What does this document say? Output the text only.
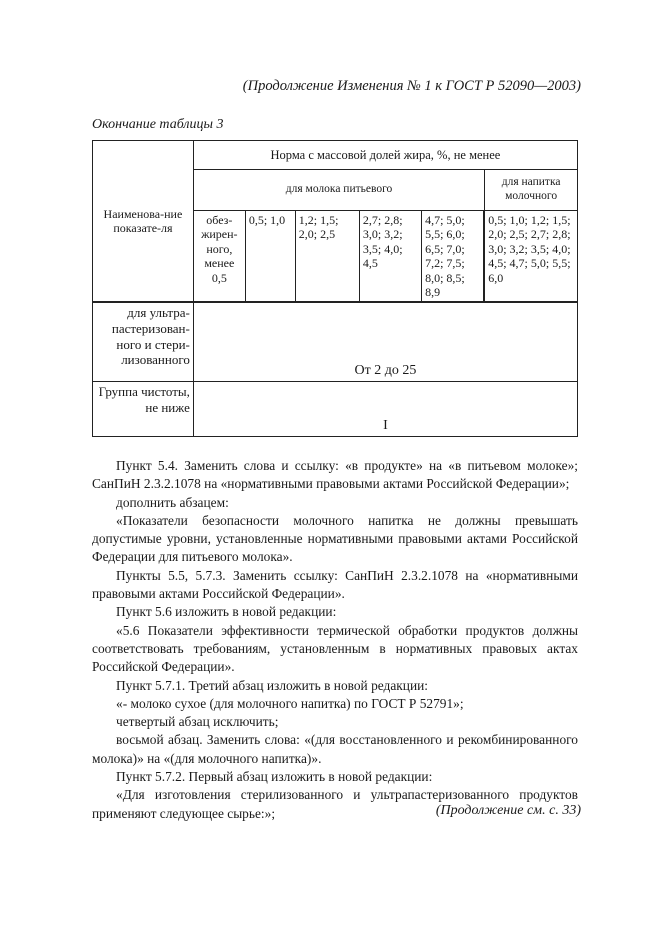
(Продолжение Изменения № 1 к ГОСТ Р 52090—2003)
Окончание таблицы 3
Наименова-ние показате-ля	Норма с массовой долей жира, %, не менее					
	для молока питьевого					для напитка молочного

	обез-жирен-ного, менее 0,5	0,5; 1,0	1,2; 1,5; 2,0; 2,5	2,7; 2,8; 3,0; 3,2; 3,5; 4,0; 4,5	4,7; 5,0; 5,5; 6,0; 6,5; 7,0; 7,2; 7,5; 8,0; 8,5; 8,9		0,5; 1,0; 1,2; 1,5; 2,0; 2,5; 2,7; 2,8; 3,0; 3,2; 3,5; 4,0; 4,5; 4,7; 5,0; 5,5; 6,0
для ультра-пастеризован-ного и стери-лизованного	От 2 до 25					
Группа чистоты, не ниже	I					

Пункт 5.4. Заменить слова и ссылку: «в продукте» на «в питьевом молоке»; СанПиН 2.3.2.1078 на «нормативными правовыми актами Российской Федерации»;

дополнить абзацем:

«Показатели безопасности молочного напитка не должны превышать допустимые уровни, установленные нормативными правовыми актами Российской Федерации для питьевого молока».

Пункты 5.5, 5.7.3. Заменить ссылку: СанПиН 2.3.2.1078 на «нормативными правовыми актами Российской Федерации».

Пункт 5.6 изложить в новой редакции:

«5.6 Показатели эффективности термической обработки продуктов должны соответствовать требованиям, установленным в нормативных правовых актах Российской Федерации».

Пункт 5.7.1. Третий абзац изложить в новой редакции:

«- молоко сухое (для молочного напитка) по ГОСТ Р 52791»;

четвертый абзац исключить;

восьмой абзац. Заменить слова: «(для восстановленного и рекомбинированного молока)» на «(для молочного напитка)».

Пункт 5.7.2. Первый абзац изложить в новой редакции:

«Для изготовления стерилизованного и ультрапастеризованного продуктов применяют следующее сырье:»;	(Продолжение см. с. 33)
